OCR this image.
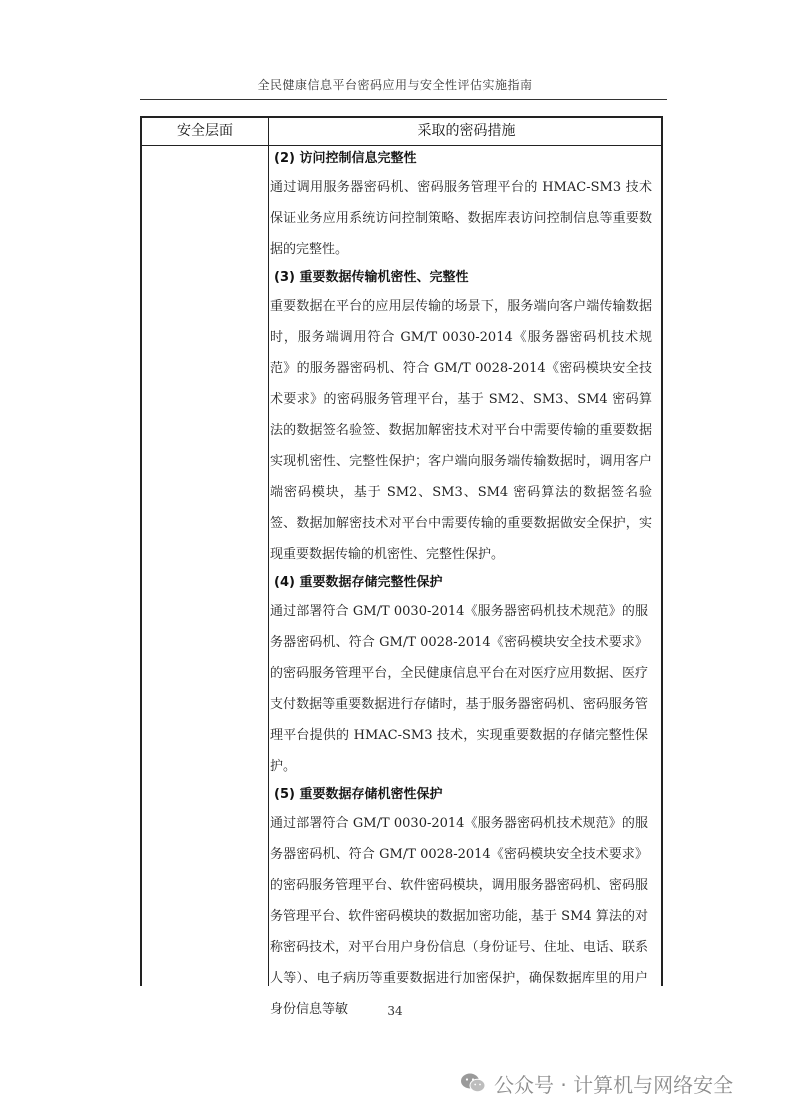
全民健康信息平台密码应用与安全性评估实施指南
安全层面	采取的密码措施
(2) 访问控制信息完整性
通过调用服务器密码机、密码服务管理平台的 HMAC-SM3 技术保证业务应用系统访问控制策略、数据库表访问控制信息等重要数据的完整性。
(3) 重要数据传输机密性、完整性
重要数据在平台的应用层传输的场景下，服务端向客户端传输数据时，服务端调用符合 GM/T 0030-2014《服务器密码机技术规范》的服务器密码机、符合 GM/T 0028-2014《密码模块安全技术要求》的密码服务管理平台，基于 SM2、SM3、SM4 密码算法的数据签名验签、数据加解密技术对平台中需要传输的重要数据实现机密性、完整性保护；客户端向服务端传输数据时，调用客户端密码模块，基于 SM2、SM3、SM4 密码算法的数据签名验签、数据加解密技术对平台中需要传输的重要数据做安全保护，实现重要数据传输的机密性、完整性保护。
(4) 重要数据存储完整性保护
通过部署符合 GM/T 0030-2014《服务器密码机技术规范》的服务器密码机、符合 GM/T 0028-2014《密码模块安全技术要求》的密码服务管理平台，全民健康信息平台在对医疗应用数据、医疗支付数据等重要数据进行存储时，基于服务器密码机、密码服务管理平台提供的 HMAC-SM3 技术，实现重要数据的存储完整性保护。
(5) 重要数据存储机密性保护
通过部署符合 GM/T 0030-2014《服务器密码机技术规范》的服务器密码机、符合 GM/T 0028-2014《密码模块安全技术要求》的密码服务管理平台、软件密码模块，调用服务器密码机、密码服务管理平台、软件密码模块的数据加密功能，基于 SM4 算法的对称密码技术，对平台用户身份信息（身份证号、住址、电话、联系人等）、电子病历等重要数据进行加密保护，确保数据库里的用户身份信息等敏	34
公众号 · 计算机与网络安全
